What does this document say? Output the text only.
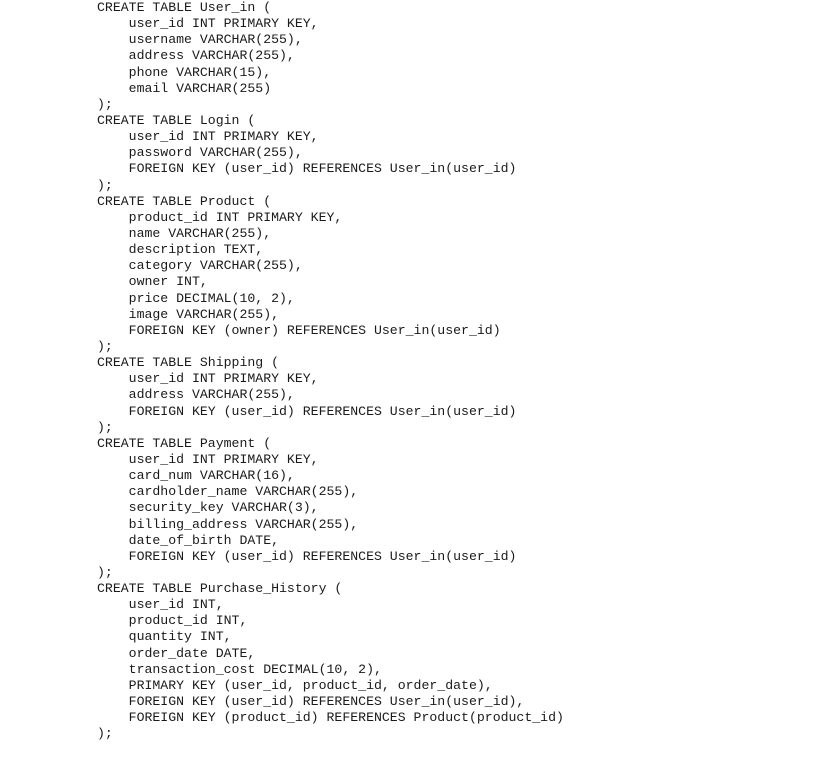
CREATE TABLE User_in (
user_id INT PRIMARY KEY,
username VARCHAR(255),
address VARCHAR(255),
phone VARCHAR(15),
email VARCHAR(255)
);
CREATE TABLE Login (
user_id INT PRIMARY KEY,
password VARCHAR(255),
FOREIGN KEY (user_id) REFERENCES User_in(user_id)
);
CREATE TABLE Product (
product_id INT PRIMARY KEY,
name VARCHAR(255),
description TEXT,
category VARCHAR(255),
owner INT,
price DECIMAL(10, 2),
image VARCHAR(255),
FOREIGN KEY (owner) REFERENCES User_in(user_id)
);
CREATE TABLE Shipping (
user_id INT PRIMARY KEY,
address VARCHAR(255),
FOREIGN KEY (user_id) REFERENCES User_in(user_id)
);
CREATE TABLE Payment (
user_id INT PRIMARY KEY,
card_num VARCHAR(16),
cardholder_name VARCHAR(255),
security_key VARCHAR(3),
billing_address VARCHAR(255),
date_of_birth DATE,
FOREIGN KEY (user_id) REFERENCES User_in(user_id)
);
CREATE TABLE Purchase_History (
user_id INT,
product_id INT,
quantity INT,
order_date DATE,
transaction_cost DECIMAL(10, 2),
PRIMARY KEY (user_id, product_id, order_date),
FOREIGN KEY (user_id) REFERENCES User_in(user_id),
FOREIGN KEY (product_id) REFERENCES Product(product_id)
);
